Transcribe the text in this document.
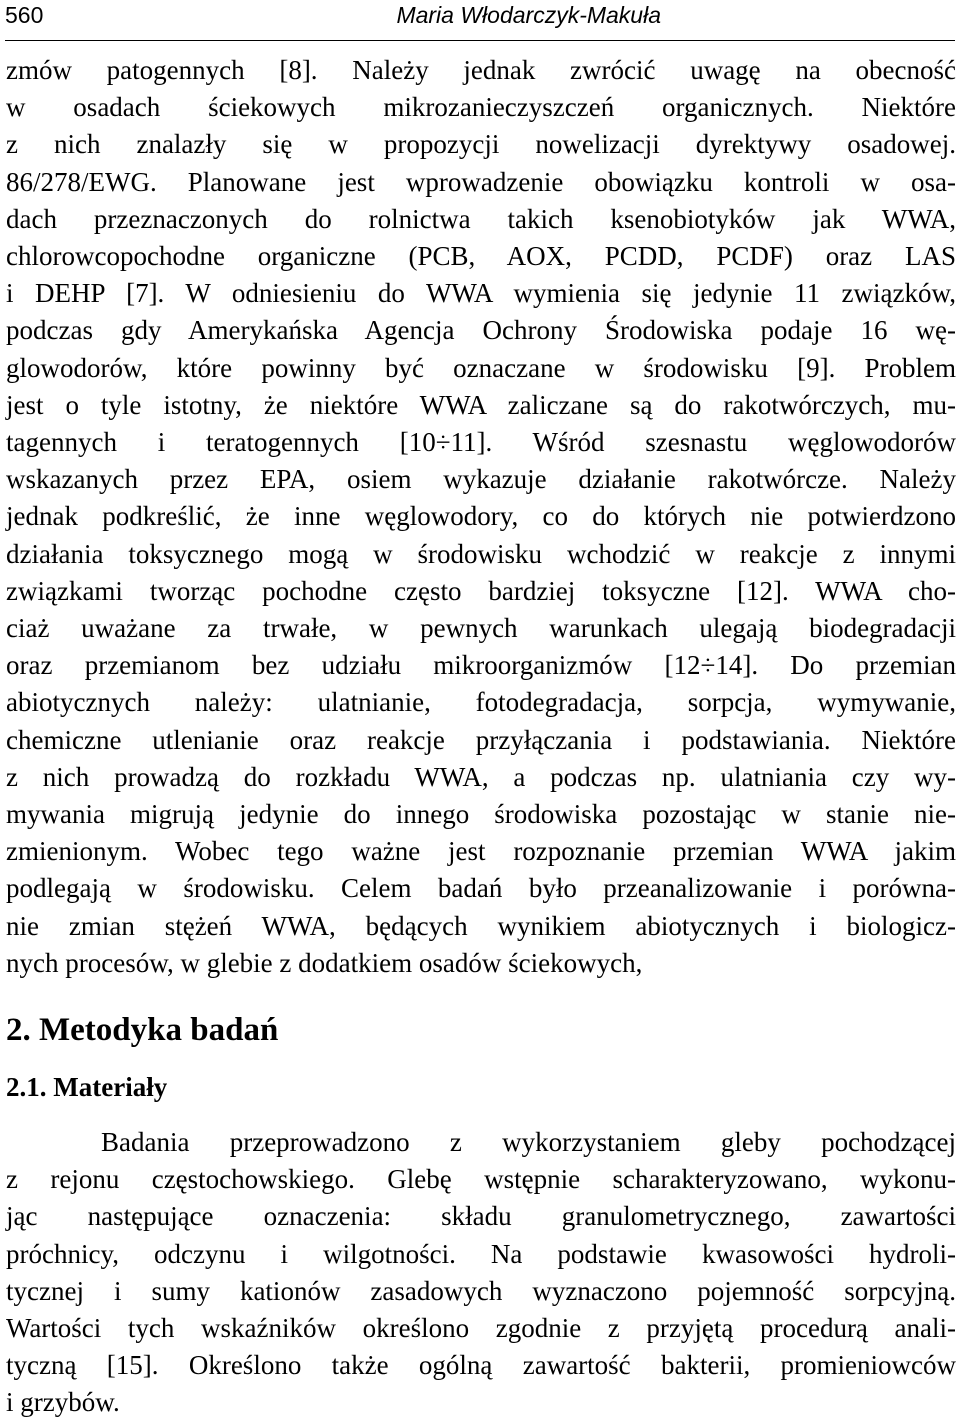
560	Maria Włodarczyk-Makuła
zmów patogennych [8]. Należy jednak zwrócić uwagę na obecność
w osadach ściekowych mikrozanieczyszczeń organicznych. Niektóre
z nich znalazły się w propozycji nowelizacji dyrektywy osadowej.
86/278/EWG. Planowane jest wprowadzenie obowiązku kontroli w osa-
dach przeznaczonych do rolnictwa takich ksenobiotyków jak WWA,
chlorowcopochodne organiczne (PCB, AOX, PCDD, PCDF) oraz LAS
i DEHP [7]. W odniesieniu do WWA wymienia się jedynie 11 związków,
podczas gdy Amerykańska Agencja Ochrony Środowiska podaje 16 wę-
glowodorów, które powinny być oznaczane w środowisku [9]. Problem
jest o tyle istotny, że niektóre WWA zaliczane są do rakotwórczych, mu-
tagennych i teratogennych [10÷11]. Wśród szesnastu węglowodorów
wskazanych przez EPA, osiem wykazuje działanie rakotwórcze. Należy
jednak podkreślić, że inne węglowodory, co do których nie potwierdzono
działania toksycznego mogą w środowisku wchodzić w reakcje z innymi
związkami tworząc pochodne często bardziej toksyczne [12]. WWA cho-
ciaż uważane za trwałe, w pewnych warunkach ulegają biodegradacji
oraz przemianom bez udziału mikroorganizmów [12÷14]. Do przemian
abiotycznych należy: ulatnianie, fotodegradacja, sorpcja, wymywanie,
chemiczne utlenianie oraz reakcje przyłączania i podstawiania. Niektóre
z nich prowadzą do rozkładu WWA, a podczas np. ulatniania czy wy-
mywania migrują jedynie do innego środowiska pozostając w stanie nie-
zmienionym. Wobec tego ważne jest rozpoznanie przemian WWA jakim
podlegają w środowisku. Celem badań było przeanalizowanie i porówna-
nie zmian stężeń WWA, będących wynikiem abiotycznych i biologicz-
nych procesów, w glebie z dodatkiem osadów ściekowych,
2. Metodyka badań
2.1. Materiały
Badania przeprowadzono z wykorzystaniem gleby pochodzącej
z rejonu częstochowskiego. Glebę wstępnie scharakteryzowano, wykonu-
jąc następujące oznaczenia: składu granulometrycznego, zawartości
próchnicy, odczynu i wilgotności. Na podstawie kwasowości hydroli-
tycznej i sumy kationów zasadowych wyznaczono pojemność sorpcyjną.
Wartości tych wskaźników określono zgodnie z przyjętą procedurą anali-
tyczną [15]. Określono także ogólną zawartość bakterii, promieniowców
i grzybów.
